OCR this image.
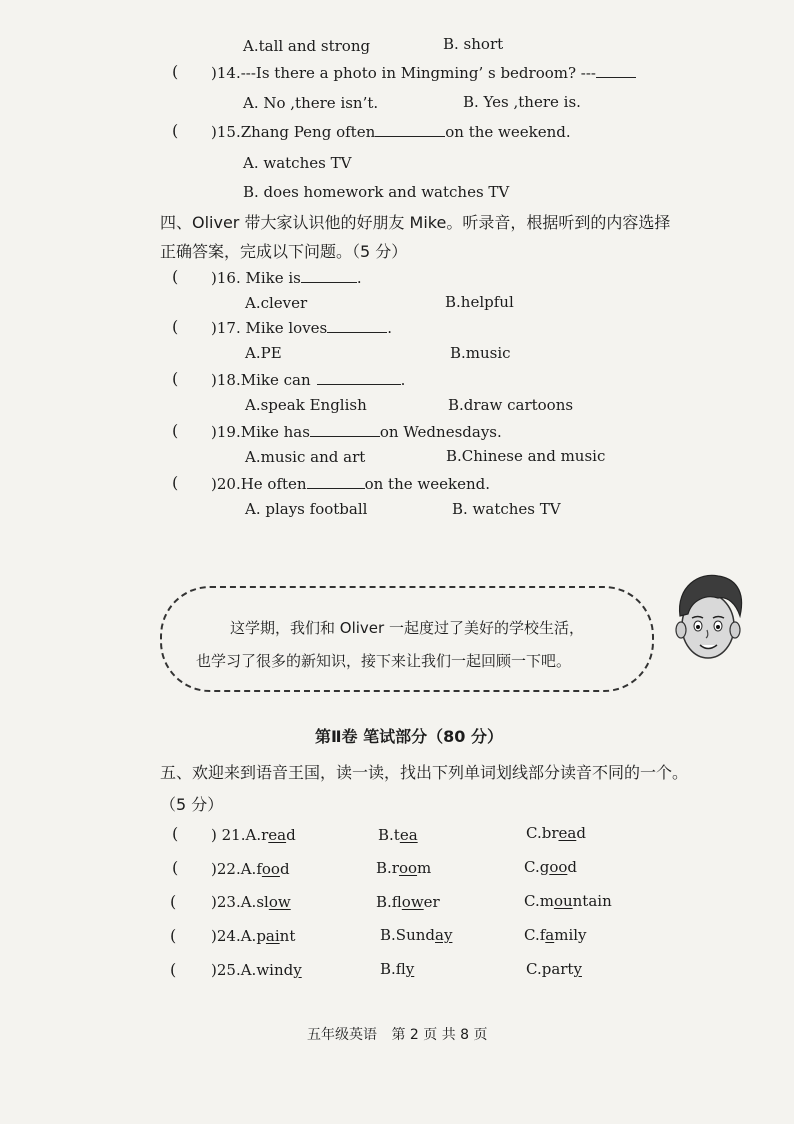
A.tall and strong	B. short
( )14.---Is there a photo in Mingming’ s bedroom? ---
A. No ,there isn’t.	B. Yes ,there is.
( )15.Zhang Peng often	on the weekend.
A. watches TV
B. does homework and watches TV
四、Oliver 带大家认识他的好朋友 Mike。听录音，根据听到的内容选择
正确答案，完成以下问题。（5 分）
( )16. Mike is	.
A.clever	B.helpful
( )17. Mike loves	.
A.PE	B.music
( )18.Mike can	.
A.speak English	B.draw cartoons
( )19.Mike has	on Wednesdays.
A.music and art	B.Chinese and music
( )20.He often	on the weekend.
A. plays football	B. watches TV
这学期，我们和 Oliver 一起度过了美好的学校生活，
也学习了很多的新知识，接下来让我们一起回顾一下吧。
第Ⅱ卷 笔试部分（80 分）
五、欢迎来到语音王国，读一读，找出下列单词划线部分读音不同的一个。
（5 分）
( ) 21.A.read	B.tea	C.bread
( )22.A.food	B.room	C.good
( )23.A.slow	B.flower	C.mountain
( )24.A.paint	B.Sunday	C.family
( )25.A.windy	B.fly	C.party
五年级英语 第 2 页 共 8 页
